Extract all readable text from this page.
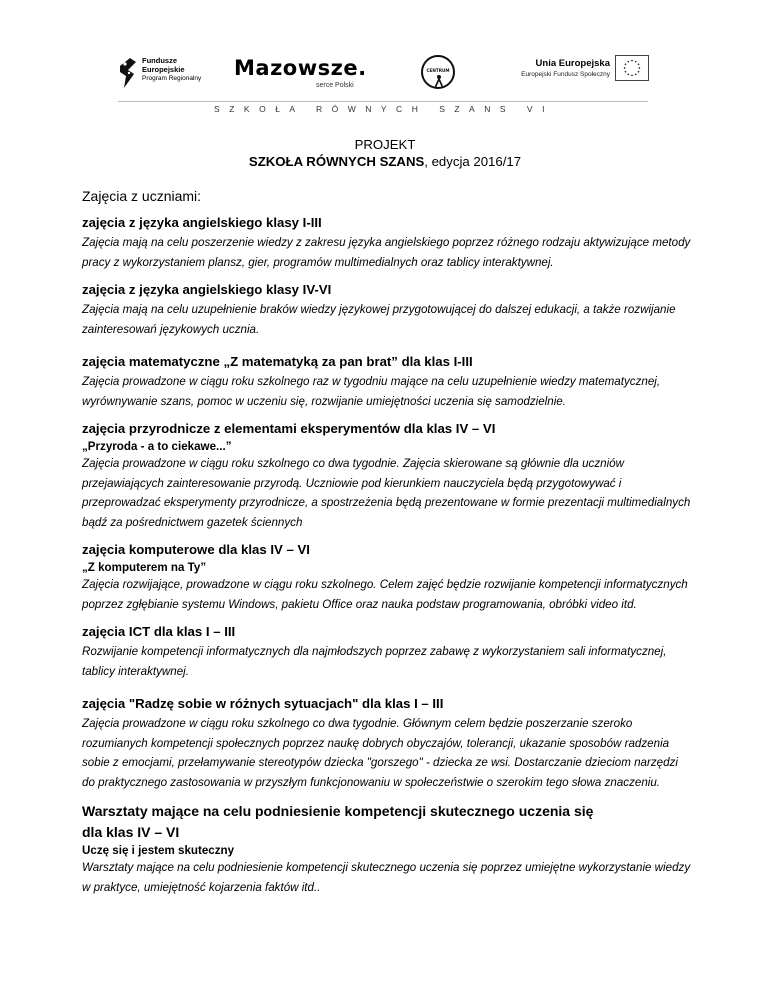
Fundusze
Europejskie
Program Regionalny Mazowsze.
serce Polski
CENTRUM
Unia Europejska
Europejski Fundusz Społeczny
SZKOŁA RÓWNYCH SZANS VI
PROJEKT
SZKOŁA RÓWNYCH SZANS, edycja 2016/17
Zajęcia z uczniami:
zajęcia z języka angielskiego klasy I-III
Zajęcia mają na celu poszerzenie wiedzy z zakresu języka angielskiego poprzez różnego rodzaju aktywizujące metody pracy z wykorzystaniem plansz, gier, programów multimedialnych oraz tablicy interaktywnej.
zajęcia z języka angielskiego klasy IV-VI
Zajęcia mają na celu uzupełnienie braków wiedzy językowej przygotowującej do dalszej edukacji, a także rozwijanie zainteresowań językowych ucznia.
zajęcia matematyczne „Z matematyką za pan brat” dla klas I-III
Zajęcia prowadzone w ciągu roku szkolnego raz w tygodniu mające na celu uzupełnienie wiedzy matematycznej, wyrównywanie szans, pomoc w uczeniu się, rozwijanie umiejętności uczenia się samodzielnie.
zajęcia przyrodnicze z elementami eksperymentów dla klas IV – VI
„Przyroda - a to ciekawe...”
Zajęcia prowadzone w ciągu roku szkolnego co dwa tygodnie. Zajęcia skierowane są głównie dla uczniów przejawiających zainteresowanie przyrodą. Uczniowie pod kierunkiem nauczyciela będą przygotowywać i przeprowadzać eksperymenty przyrodnicze, a spostrzeżenia będą prezentowane w formie prezentacji multimedialnych bądź za pośrednictwem gazetek ściennych
zajęcia komputerowe dla klas IV – VI
„Z komputerem na Ty”
Zajęcia rozwijające, prowadzone w ciągu roku szkolnego. Celem zajęć będzie rozwijanie kompetencji informatycznych poprzez zgłębianie systemu Windows, pakietu Office oraz nauka podstaw programowania, obróbki video itd.
zajęcia ICT dla klas I – III
Rozwijanie kompetencji informatycznych dla najmłodszych poprzez zabawę z wykorzystaniem sali informatycznej, tablicy interaktywnej.
zajęcia "Radzę sobie w różnych sytuacjach" dla klas I – III
Zajęcia prowadzone w ciągu roku szkolnego co dwa tygodnie. Głównym celem będzie poszerzanie szeroko rozumianych kompetencji społecznych poprzez naukę dobrych obyczajów, tolerancji, ukazanie sposobów radzenia sobie z emocjami, przełamywanie stereotypów dziecka "gorszego" - dziecka ze wsi. Dostarczanie dzieciom narzędzi do praktycznego zastosowania w przyszłym funkcjonowaniu w społeczeństwie o szerokim tego słowa znaczeniu.
Warsztaty mające na celu podniesienie kompetencji skutecznego uczenia się
dla klas IV – VI
Uczę się i jestem skuteczny
Warsztaty mające na celu podniesienie kompetencji skutecznego uczenia się poprzez umiejętne wykorzystanie wiedzy w praktyce, umiejętność kojarzenia faktów itd..
